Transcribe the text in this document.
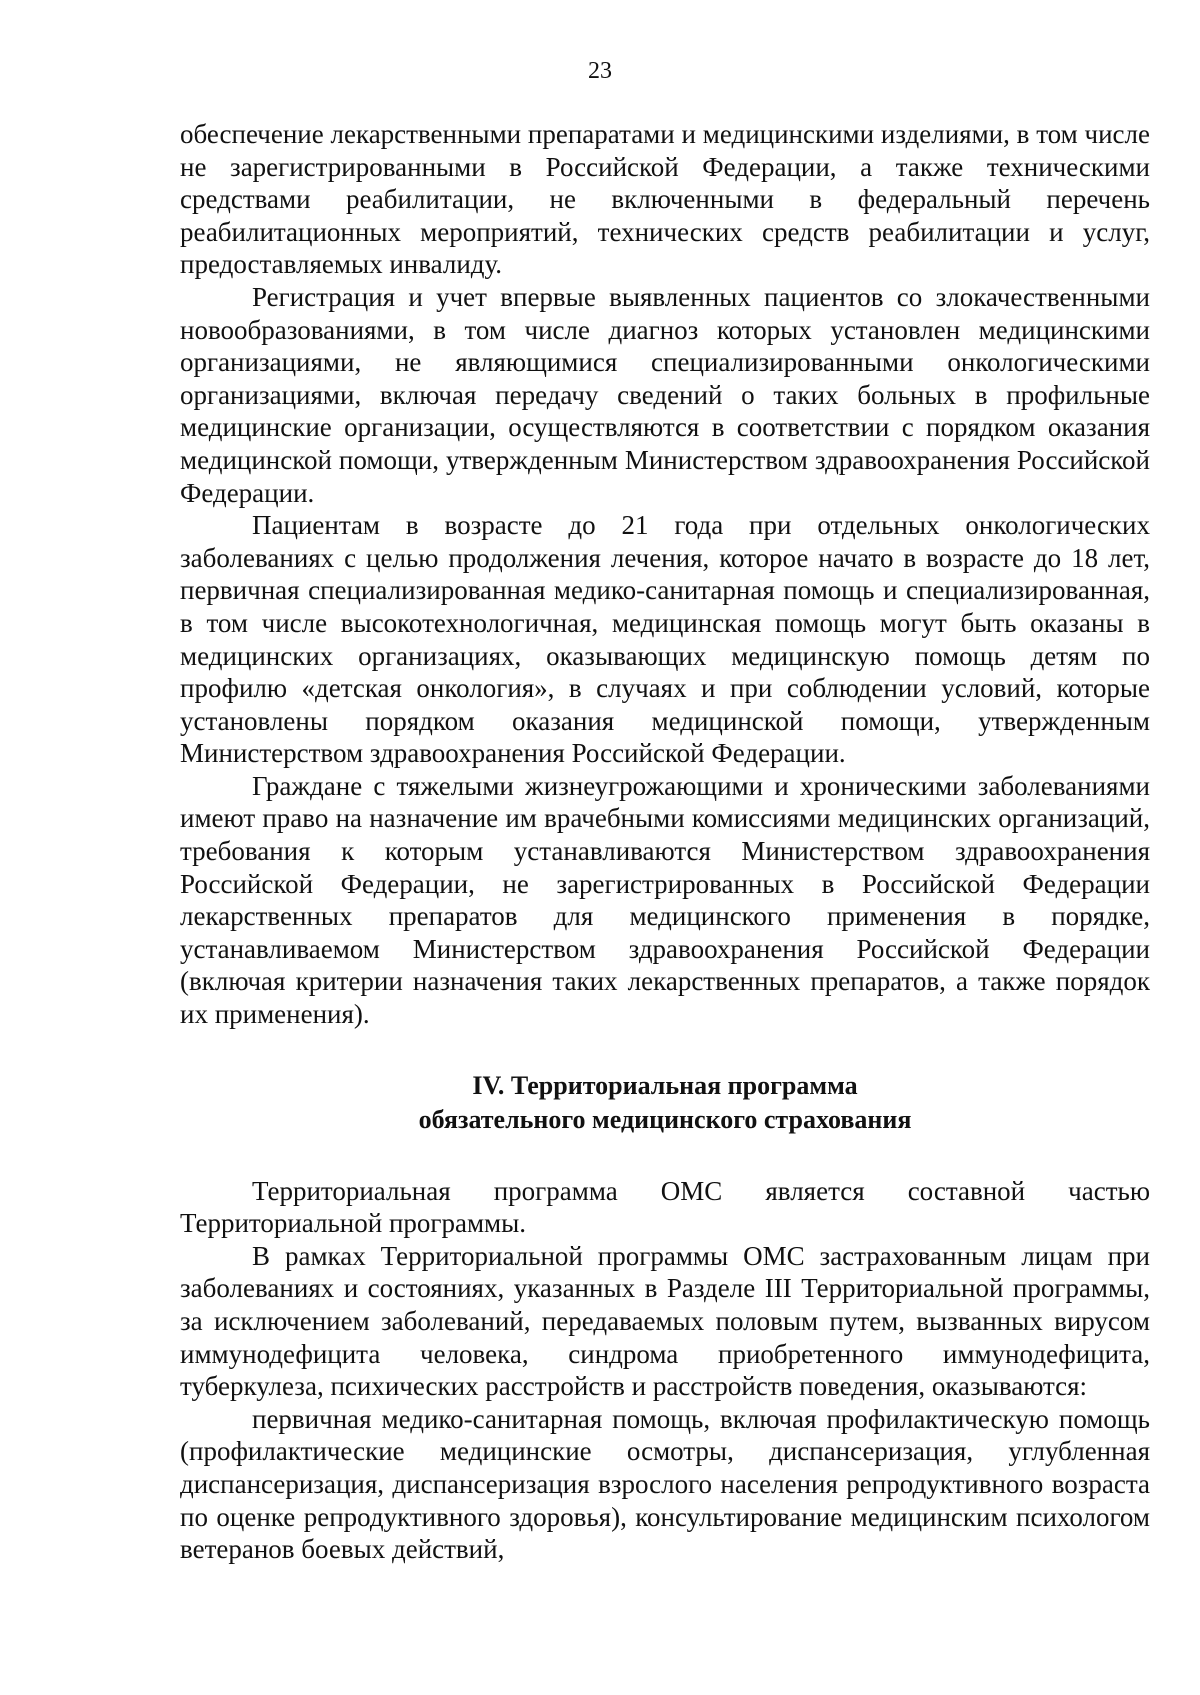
23

обеспечение лекарственными препаратами и медицинскими изделиями, в том числе не зарегистрированными в Российской Федерации, а также техническими средствами реабилитации, не включенными в федеральный перечень реабилитационных мероприятий, технических средств реабилитации и услуг, предоставляемых инвалиду.

Регистрация и учет впервые выявленных пациентов со злокачественными новообразованиями, в том числе диагноз которых установлен медицинскими организациями, не являющимися специализированными онкологическими организациями, включая передачу сведений о таких больных в профильные медицинские организации, осуществляются в соответствии с порядком оказания медицинской помощи, утвержденным Министерством здравоохранения Российской Федерации.

Пациентам в возрасте до 21 года при отдельных онкологических заболеваниях с целью продолжения лечения, которое начато в возрасте до 18 лет, первичная специализированная медико-санитарная помощь и специализированная, в том числе высокотехнологичная, медицинская помощь могут быть оказаны в медицинских организациях, оказывающих медицинскую помощь детям по профилю «детская онкология», в случаях и при соблюдении условий, которые установлены порядком оказания медицинской помощи, утвержденным Министерством здравоохранения Российской Федерации.

Граждане с тяжелыми жизнеугрожающими и хроническими заболеваниями имеют право на назначение им врачебными комиссиями медицинских организаций, требования к которым устанавливаются Министерством здравоохранения Российской Федерации, не зарегистрированных в Российской Федерации лекарственных препаратов для медицинского применения в порядке, устанавливаемом Министерством здравоохранения Российской Федерации (включая критерии назначения таких лекарственных препаратов, а также порядок их применения).

IV. Территориальная программа
обязательного медицинского страхования

Территориальная программа ОМС является составной частью Территориальной программы.

В рамках Территориальной программы ОМС застрахованным лицам при заболеваниях и состояниях, указанных в Разделе III Территориальной программы, за исключением заболеваний, передаваемых половым путем, вызванных вирусом иммунодефицита человека, синдрома приобретенного иммунодефицита, туберкулеза, психических расстройств и расстройств поведения, оказываются:

первичная медико-санитарная помощь, включая профилактическую помощь (профилактические медицинские осмотры, диспансеризация, углубленная диспансеризация, диспансеризация взрослого населения репродуктивного возраста по оценке репродуктивного здоровья), консультирование медицинским психологом ветеранов боевых действий,
